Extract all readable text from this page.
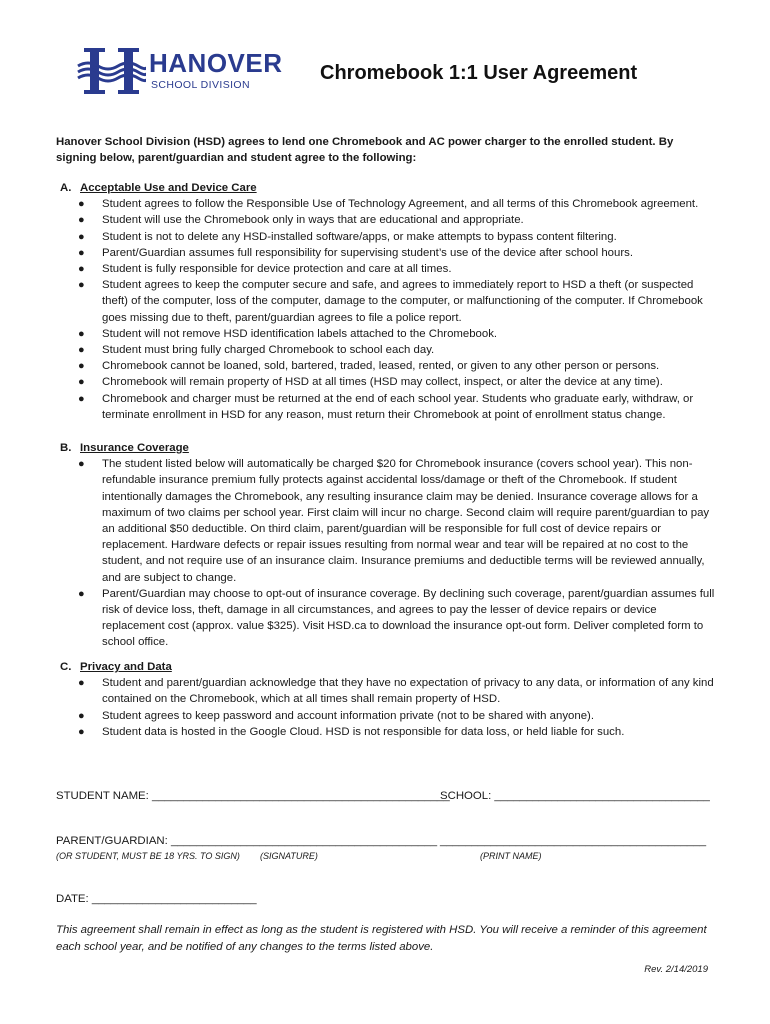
HANOVER
SCHOOL DIVISION
Chromebook 1:1 User Agreement
Hanover School Division (HSD) agrees to lend one Chromebook and AC power charger to the enrolled student. By signing below, parent/guardian and student agree to the following:
A. Acceptable Use and Device Care
● Student agrees to follow the Responsible Use of Technology Agreement, and all terms of this Chromebook agreement.
● Student will use the Chromebook only in ways that are educational and appropriate.
● Student is not to delete any HSD-installed software/apps, or make attempts to bypass content filtering.
● Parent/Guardian assumes full responsibility for supervising student’s use of the device after school hours.
● Student is fully responsible for device protection and care at all times.
● Student agrees to keep the computer secure and safe, and agrees to immediately report to HSD a theft (or suspected theft) of the computer, loss of the computer, damage to the computer, or malfunctioning of the computer. If Chromebook goes missing due to theft, parent/guardian agrees to file a police report.
● Student will not remove HSD identification labels attached to the Chromebook.
● Student must bring fully charged Chromebook to school each day.
● Chromebook cannot be loaned, sold, bartered, traded, leased, rented, or given to any other person or persons.
● Chromebook will remain property of HSD at all times (HSD may collect, inspect, or alter the device at any time).
● Chromebook and charger must be returned at the end of each school year. Students who graduate early, withdraw, or terminate enrollment in HSD for any reason, must return their Chromebook at point of enrollment status change.
B. Insurance Coverage
● The student listed below will automatically be charged $20 for Chromebook insurance (covers school year). This non-refundable insurance premium fully protects against accidental loss/damage or theft of the Chromebook. If student intentionally damages the Chromebook, any resulting insurance claim may be denied. Insurance coverage allows for a maximum of two claims per school year. First claim will incur no charge. Second claim will require parent/guardian to pay an additional $50 deductible. On third claim, parent/guardian will be responsible for full cost of device repairs or replacement. Hardware defects or repair issues resulting from normal wear and tear will be repaired at no cost to the student, and not require use of an insurance claim. Insurance premiums and deductible terms will be reviewed annually, and are subject to change.
● Parent/Guardian may choose to opt-out of insurance coverage. By declining such coverage, parent/guardian assumes full risk of device loss, theft, damage in all circumstances, and agrees to pay the lesser of device repairs or device replacement cost (approx. value $325). Visit HSD.ca to download the insurance opt-out form. Deliver completed form to school office.
C. Privacy and Data
● Student and parent/guardian acknowledge that they have no expectation of privacy to any data, or information of any kind contained on the Chromebook, which at all times shall remain property of HSD.
● Student agrees to keep password and account information private (not to be shared with anyone).
● Student data is hosted in the Google Cloud. HSD is not responsible for data loss, or held liable for such.
STUDENT NAME: _______________________________________________
SCHOOL: __________________________________
PARENT/GUARDIAN: __________________________________________ __________________________________________
(OR STUDENT, MUST BE 18 YRS. TO SIGN) (SIGNATURE)	(PRINT NAME)
DATE: __________________________
This agreement shall remain in effect as long as the student is registered with HSD. You will receive a reminder of this agreement each school year, and be notified of any changes to the terms listed above.
Rev. 2/14/2019
